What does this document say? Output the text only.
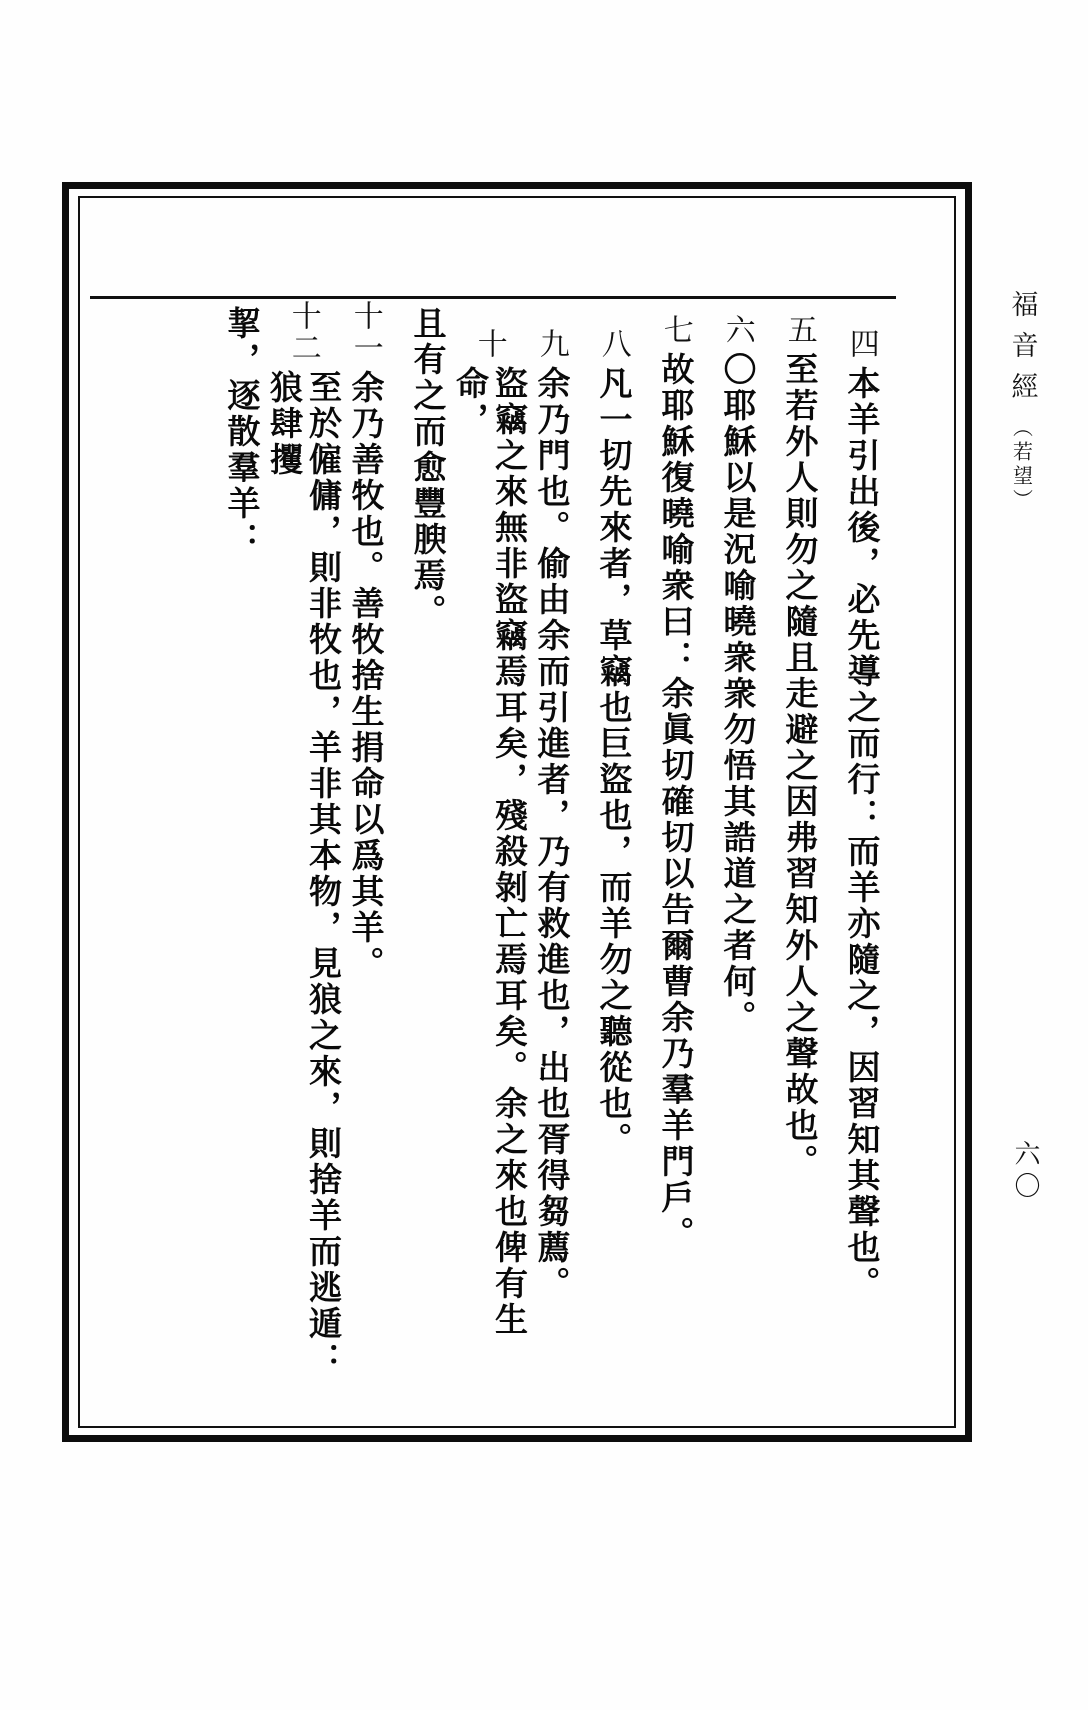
福音經
（若望）
六〇
四
本羊引出後，必先導之而行：而羊亦隨之，因習知其聲也。
五
至若外人則勿之隨且走避之因弗習知外人之聲故也。
六
〇耶穌以是況喻曉衆衆勿悟其誥道之者何。
七
故耶穌復曉喻衆曰：余眞切確切以告爾曹余乃羣羊門戶。
八
凡一切先來者，草竊也巨盜也，而羊勿之聽從也。
九
余乃門也。偷由余而引進者，乃有救進也，出也胥得芻薦。
十
盜竊之來無非盜竊焉耳矣，殘殺剝亡焉耳矣。余之來也俾有生命，
且有之而愈豐腴焉。
十一
余乃善牧也。善牧捨生捐命以爲其羊。
十二
至於僱傭，則非牧也，羊非其本物，見狼之來，則捨羊而逃遁：狼肆攫
挈，逐散羣羊：
